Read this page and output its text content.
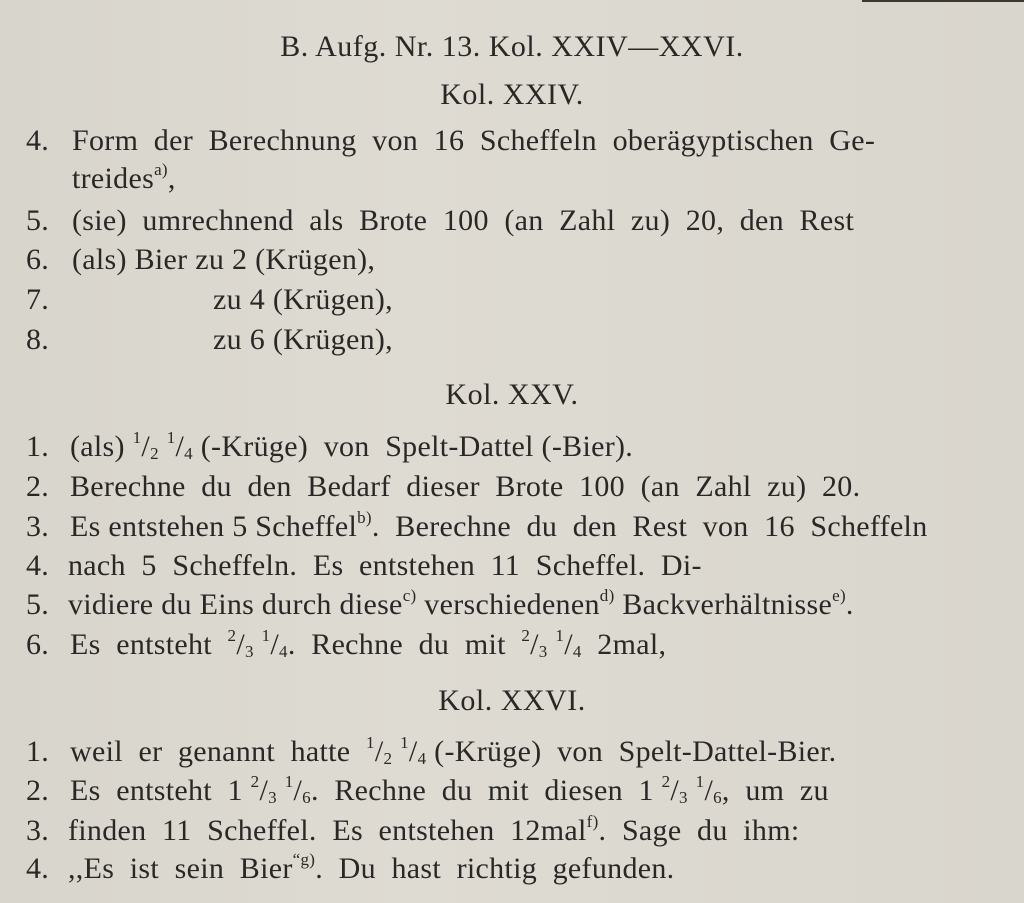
B. Aufg. Nr. 13. Kol. XXIV—XXVI.
Kol. XXIV.
4. Form  der  Berechnung  von  16  Scheffeln  oberägyptischen  Ge-
treides$^{a)}$,
5. (sie)  umrechnend  als  Brote  100  (an  Zahl  zu)  20,  den  Rest
6. (als) Bier zu 2 (Krügen),
7.	zu 4 (Krügen),
8.	zu 6 (Krügen),
Kol. XXV.
1. (als) $^1/_2$ $^1/_4$ (-Krüge)  von  Spelt-Dattel (-Bier).
2. Berechne  du  den  Bedarf  dieser  Brote  100  (an  Zahl  zu)  20.
3. Es entstehen 5 Scheffel$^{b)}$.  Berechne  du  den  Rest  von  16  Scheffeln
4. nach  5  Scheffeln.  Es  entstehen  11  Scheffel.  Di-
5. vidiere du Eins durch diese$^{c)}$ verschiedenen$^{d)}$ Backverhältnisse$^{e)}$.
6. Es  entsteht  $^2/_3$ $^1/_4$.  Rechne  du  mit  $^2/_3$ $^1/_4$  2mal,
Kol. XXVI.
1. weil  er  genannt  hatte  $^1/_2$ $^1/_4$ (-Krüge)  von  Spelt-Dattel-Bier.
2. Es  entsteht  1 $^2/_3$ $^1/_6$.  Rechne  du  mit  diesen  1 $^2/_3$ $^1/_6$,  um  zu
3. finden  11  Scheffel.  Es  entstehen  12mal$^{f)}$.  Sage  du  ihm:
4. ,,Es  ist  sein  Bier$^{“g)}$.  Du  hast  richtig  gefunden.
